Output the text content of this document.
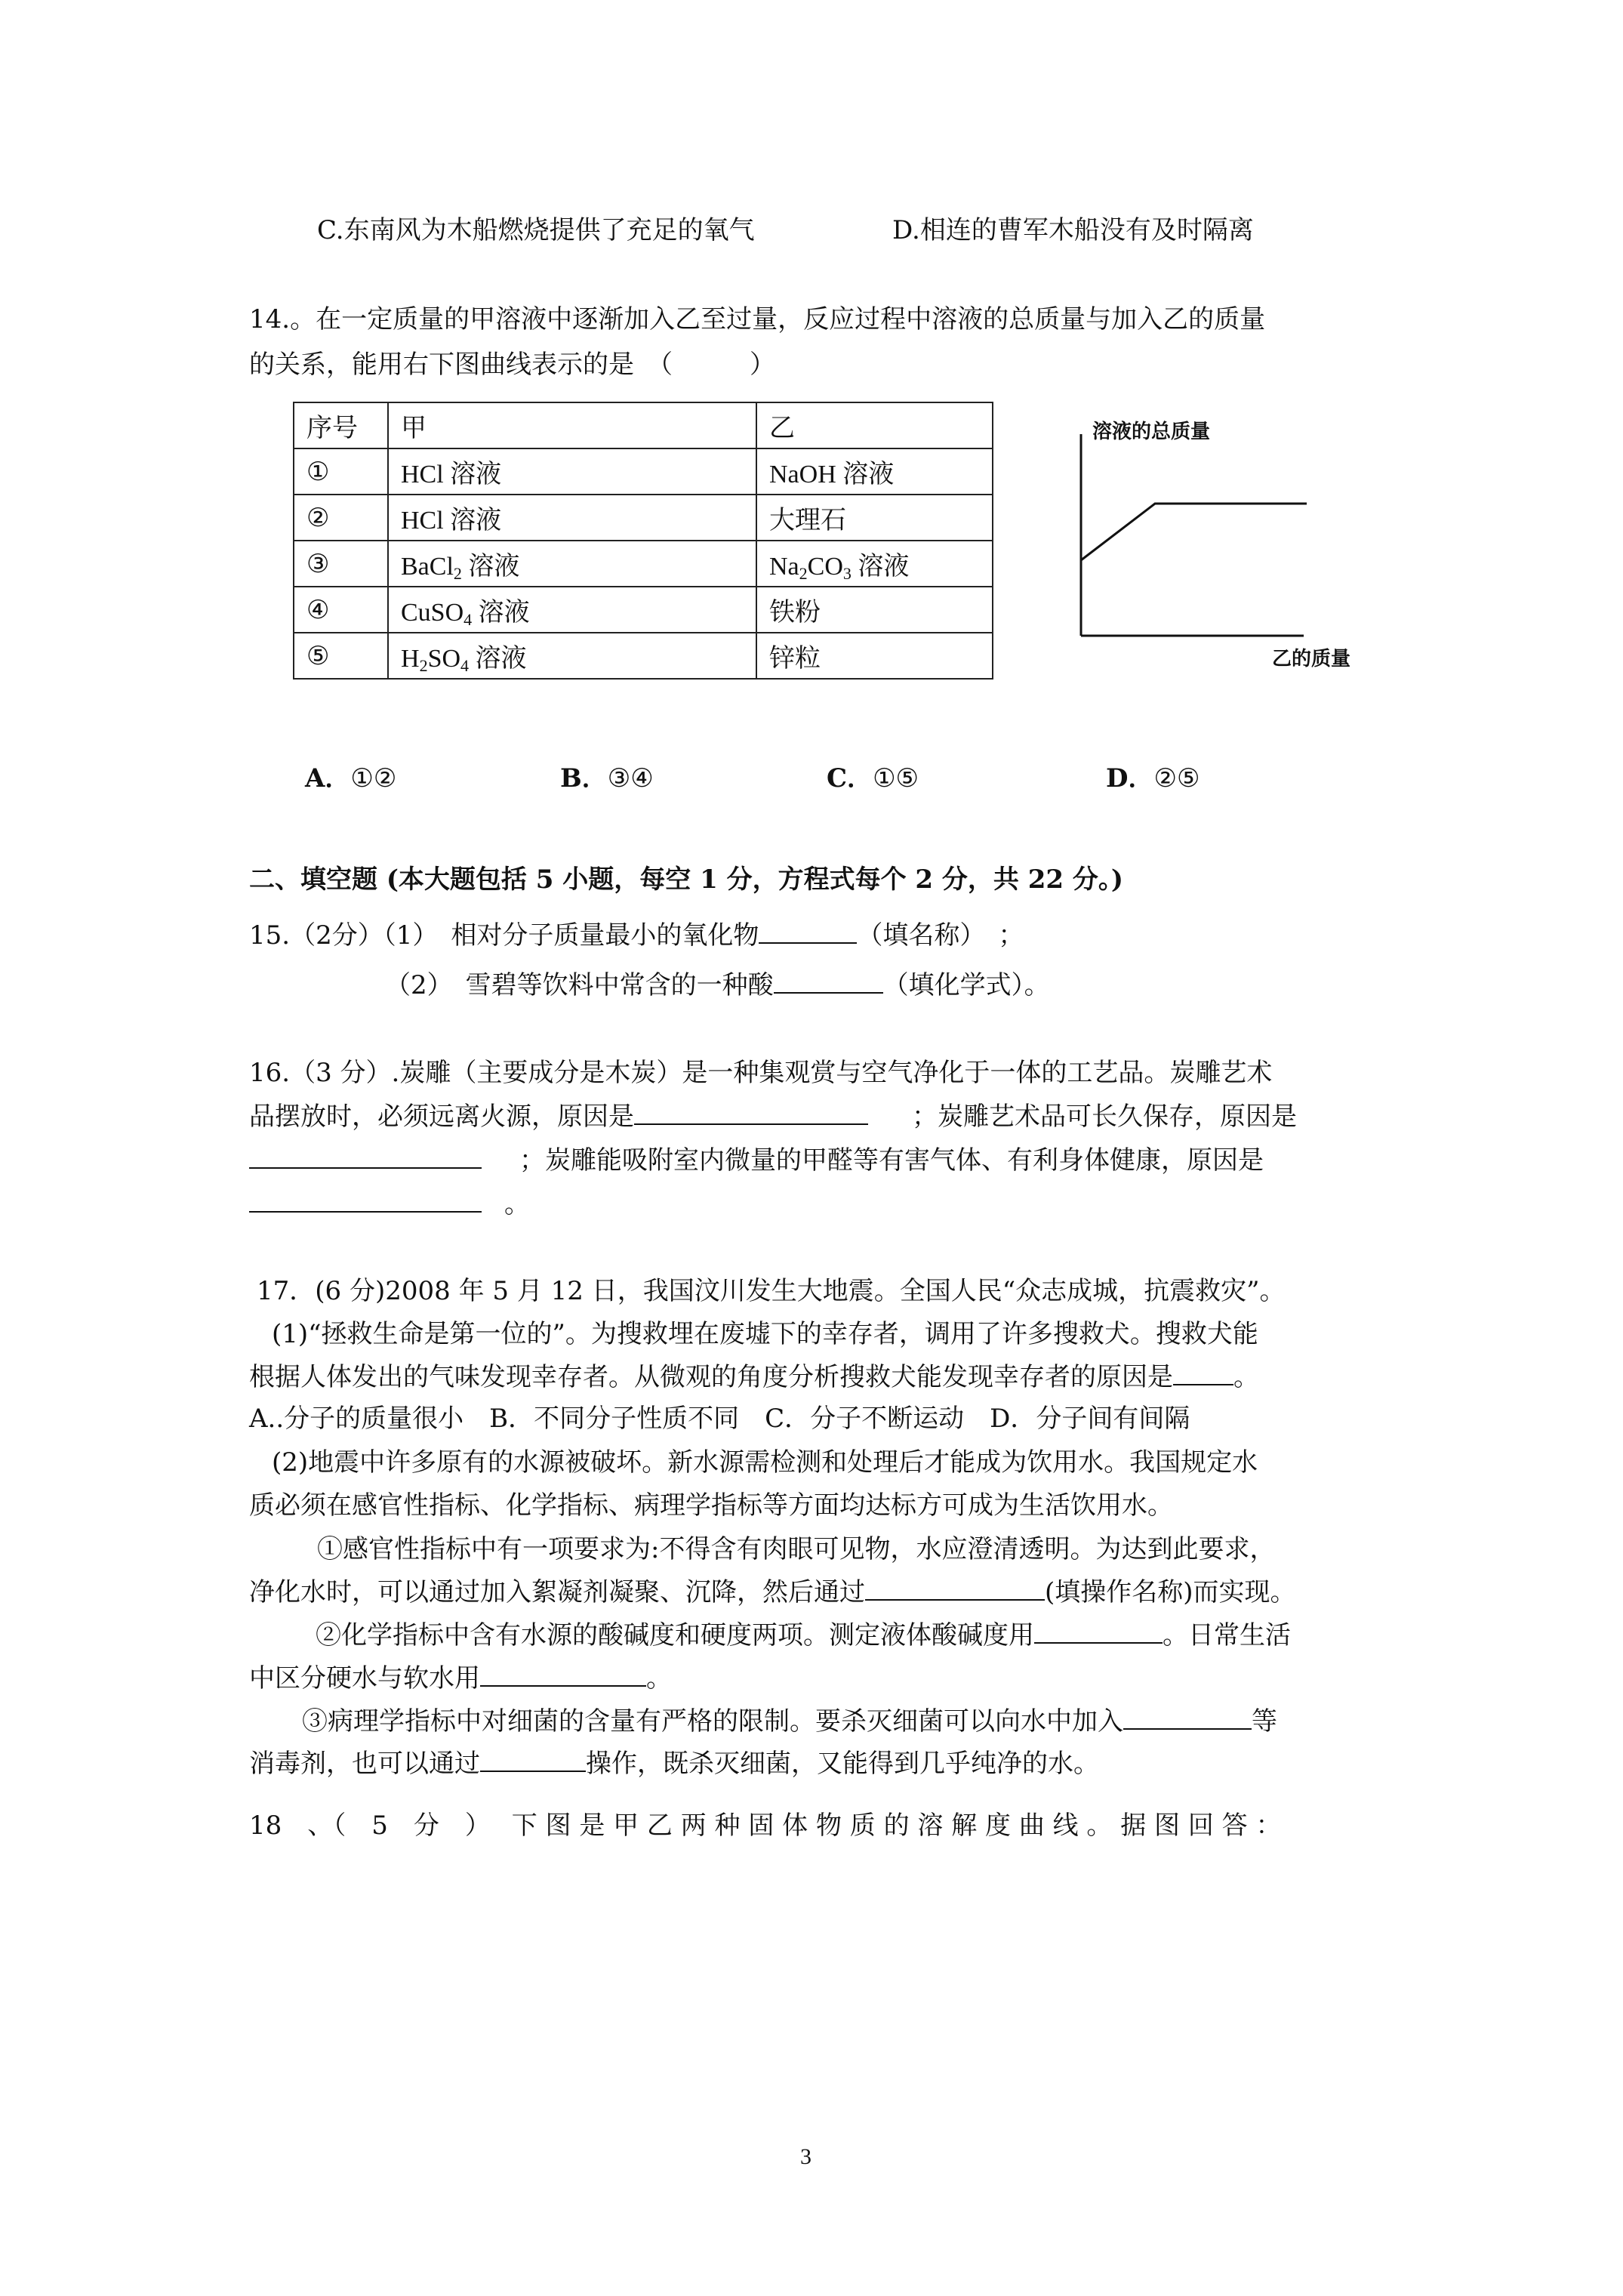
C.东南风为木船燃烧提供了充足的氧气	D.相连的曹军木船没有及时隔离
14.。在一定质量的甲溶液中逐渐加入乙至过量，反应过程中溶液的总质量与加入乙的质量
的关系，能用右下图曲线表示的是　（　　　）
序号	甲	乙
①	HCl 溶液	NaOH 溶液
②	HCl 溶液	大理石
③	BaCl$_2$ 溶液	$Na_2CO_3$ 溶液
④	CuSO$_4$ 溶液	铁粉
⑤	$H_2SO_4$ 溶液	锌粒
溶液的总质量
乙的质量
A．①②	B．③④	C．①⑤	D．②⑤
二、填空题 (本大题包括 5 小题，每空 1 分，方程式每个 2 分，共 22 分。)
15.（2分）（1）　相对分子质量最小的氧化物	（填名称）　；
（2）　雪碧等饮料中常含的一种酸	（填化学式）。
16.（3 分）.炭雕（主要成分是木炭）是一种集观赏与空气净化于一体的工艺品。炭雕艺术
品摆放时，必须远离火源，原因是	；炭雕艺术品可长久保存，原因是
；炭雕能吸附室内微量的甲醛等有害气体、有利身体健康，原因是
。
17．(6 分)2008 年 5 月 12 日，我国汶川发生大地震。全国人民“众志成城，抗震救灾”。
(1)“拯救生命是第一位的”。为搜救埋在废墟下的幸存者，调用了许多搜救犬。搜救犬能
根据人体发出的气味发现幸存者。从微观的角度分析搜救犬能发现幸存者的原因是 。
A..分子的质量很小　B．不同分子性质不同　C．分子不断运动　D．分子间有间隔
(2)地震中许多原有的水源被破坏。新水源需检测和处理后才能成为饮用水。我国规定水
质必须在感官性指标、化学指标、病理学指标等方面均达标方可成为生活饮用水。
①感官性指标中有一项要求为:不得含有肉眼可见物，水应澄清透明。为达到此要求，
净化水时，可以通过加入絮凝剂凝聚、沉降，然后通过	(填操作名称)而实现。
②化学指标中含有水源的酸碱度和硬度两项。测定液体酸碱度用	。日常生活
中区分硬水与软水用	。
③病理学指标中对细菌的含量有严格的限制。要杀灭细菌可以向水中加入	等
消毒剂，也可以通过	操作，既杀灭细菌，又能得到几乎纯净的水。
18　、（　5　分　）　 下 图 是 甲 乙 两 种 固 体 物 质 的 溶 解 度 曲 线 。 据 图 回 答 ：
3
